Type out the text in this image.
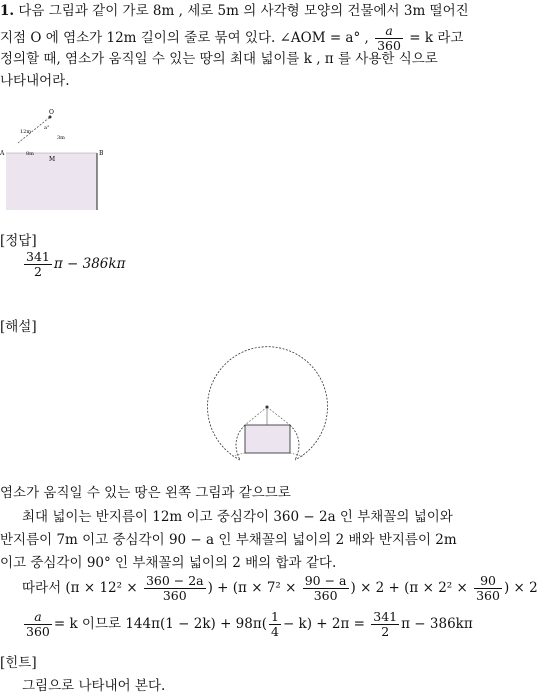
1. 다음 그림과 같이 가로 8m , 세로 5m 의 사각형 모양의 건물에서 3m 떨어진
지점 O 에 염소가 12m 길이의 줄로 묶여 있다. ∠AOM = a° , $\frac{a}{360} = k$ 라고
정의할 때, 염소가 움직일 수 있는 땅의 최대 넓이를 k , π 를 사용한 식으로
나타내어라.
O
12m
3m
a°
A
M
B
8m
[정답]
$\frac{341}{2}$ π − 386kπ
[해설]
염소가 움직일 수 있는 땅은 왼쪽 그림과 같으므로
최대 넓이는 반지름이 12m 이고 중심각이 360 − 2a 인 부채꼴의 넓이와
반지름이 7m 이고 중심각이 90 − a 인 부채꼴의 넓이의 2 배와 반지름이 2m
이고 중심각이 90° 인 부채꼴의 넓이의 2 배의 합과 같다.
따라서 ($\pi \times 12^2 \times \frac{360 - 2a}{360}$ ) + ($\pi \times 7^2 \times \frac{90 - a}{360}$ ) × $2 + (\pi \times 2^2 \times \frac{90}{360}$ ) × 2
$\frac{a}{360} = k$ 이므로 $144\pi(1 - 2k) + 98\pi( \frac{1}{4} - k) + 2\pi = \frac{341}{2}$ π − 386kπ
[힌트]
그림으로 나타내어 본다.
